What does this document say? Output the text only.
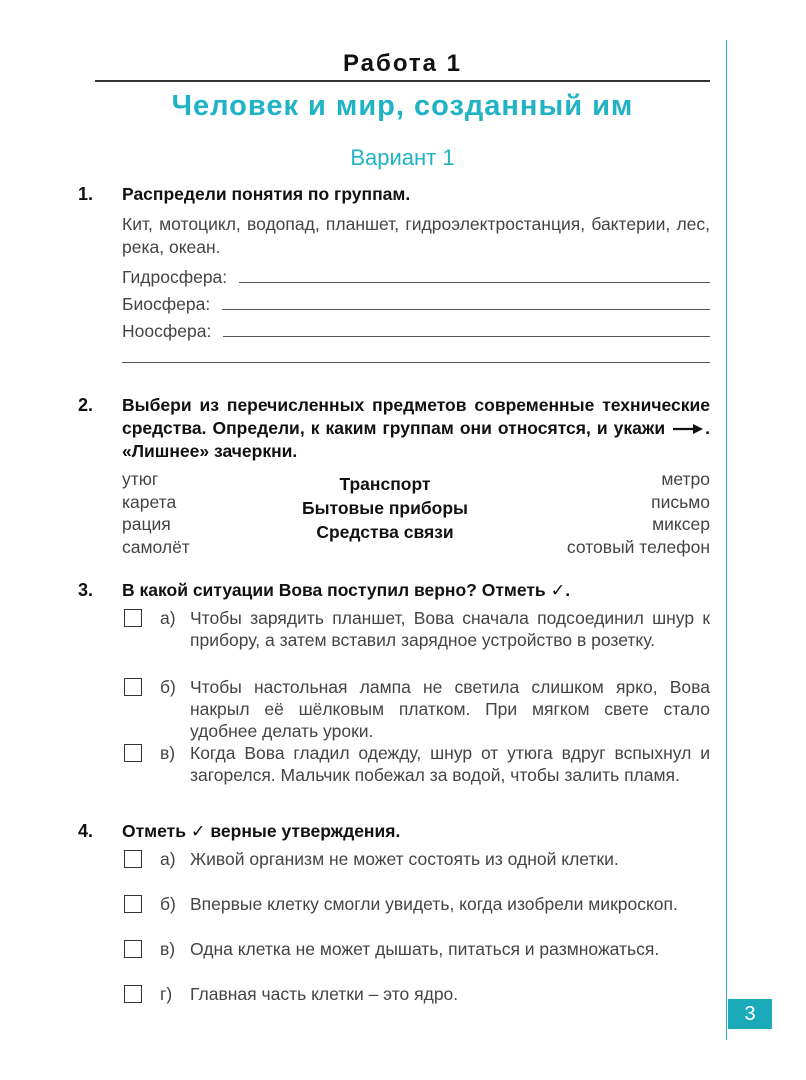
3
Работа 1
Человек и мир, созданный им
Вариант 1
1. Распредели понятия по группам.
Кит, мотоцикл, водопад, планшет, гидроэлектростанция, бактерии, лес, река, океан.
Гидросфера:
Биосфера:
Ноосфера:
2. Выбери из перечисленных предметов современные технические средства. Определи, к каким группам они относятся, и укажи . «Лишнее» зачеркни.
утюг
карета
рация
самолёт
Транспорт
Бытовые приборы
Средства связи
метро
письмо
миксер
сотовый телефон
3. В какой ситуации Вова поступил верно? Отметь ✓.
а) Чтобы зарядить планшет, Вова сначала подсоединил шнур к прибору, а затем вставил зарядное устройство в розетку.
б) Чтобы настольная лампа не светила слишком ярко, Вова накрыл её шёлковым платком. При мягком свете стало удобнее делать уроки.
в) Когда Вова гладил одежду, шнур от утюга вдруг вспыхнул и загорелся. Мальчик побежал за водой, чтобы залить пламя.
4. Отметь ✓ верные утверждения.
а) Живой организм не может состоять из одной клетки.
б) Впервые клетку смогли увидеть, когда изобрели микроскоп.
в) Одна клетка не может дышать, питаться и размножаться.
г) Главная часть клетки – это ядро.
